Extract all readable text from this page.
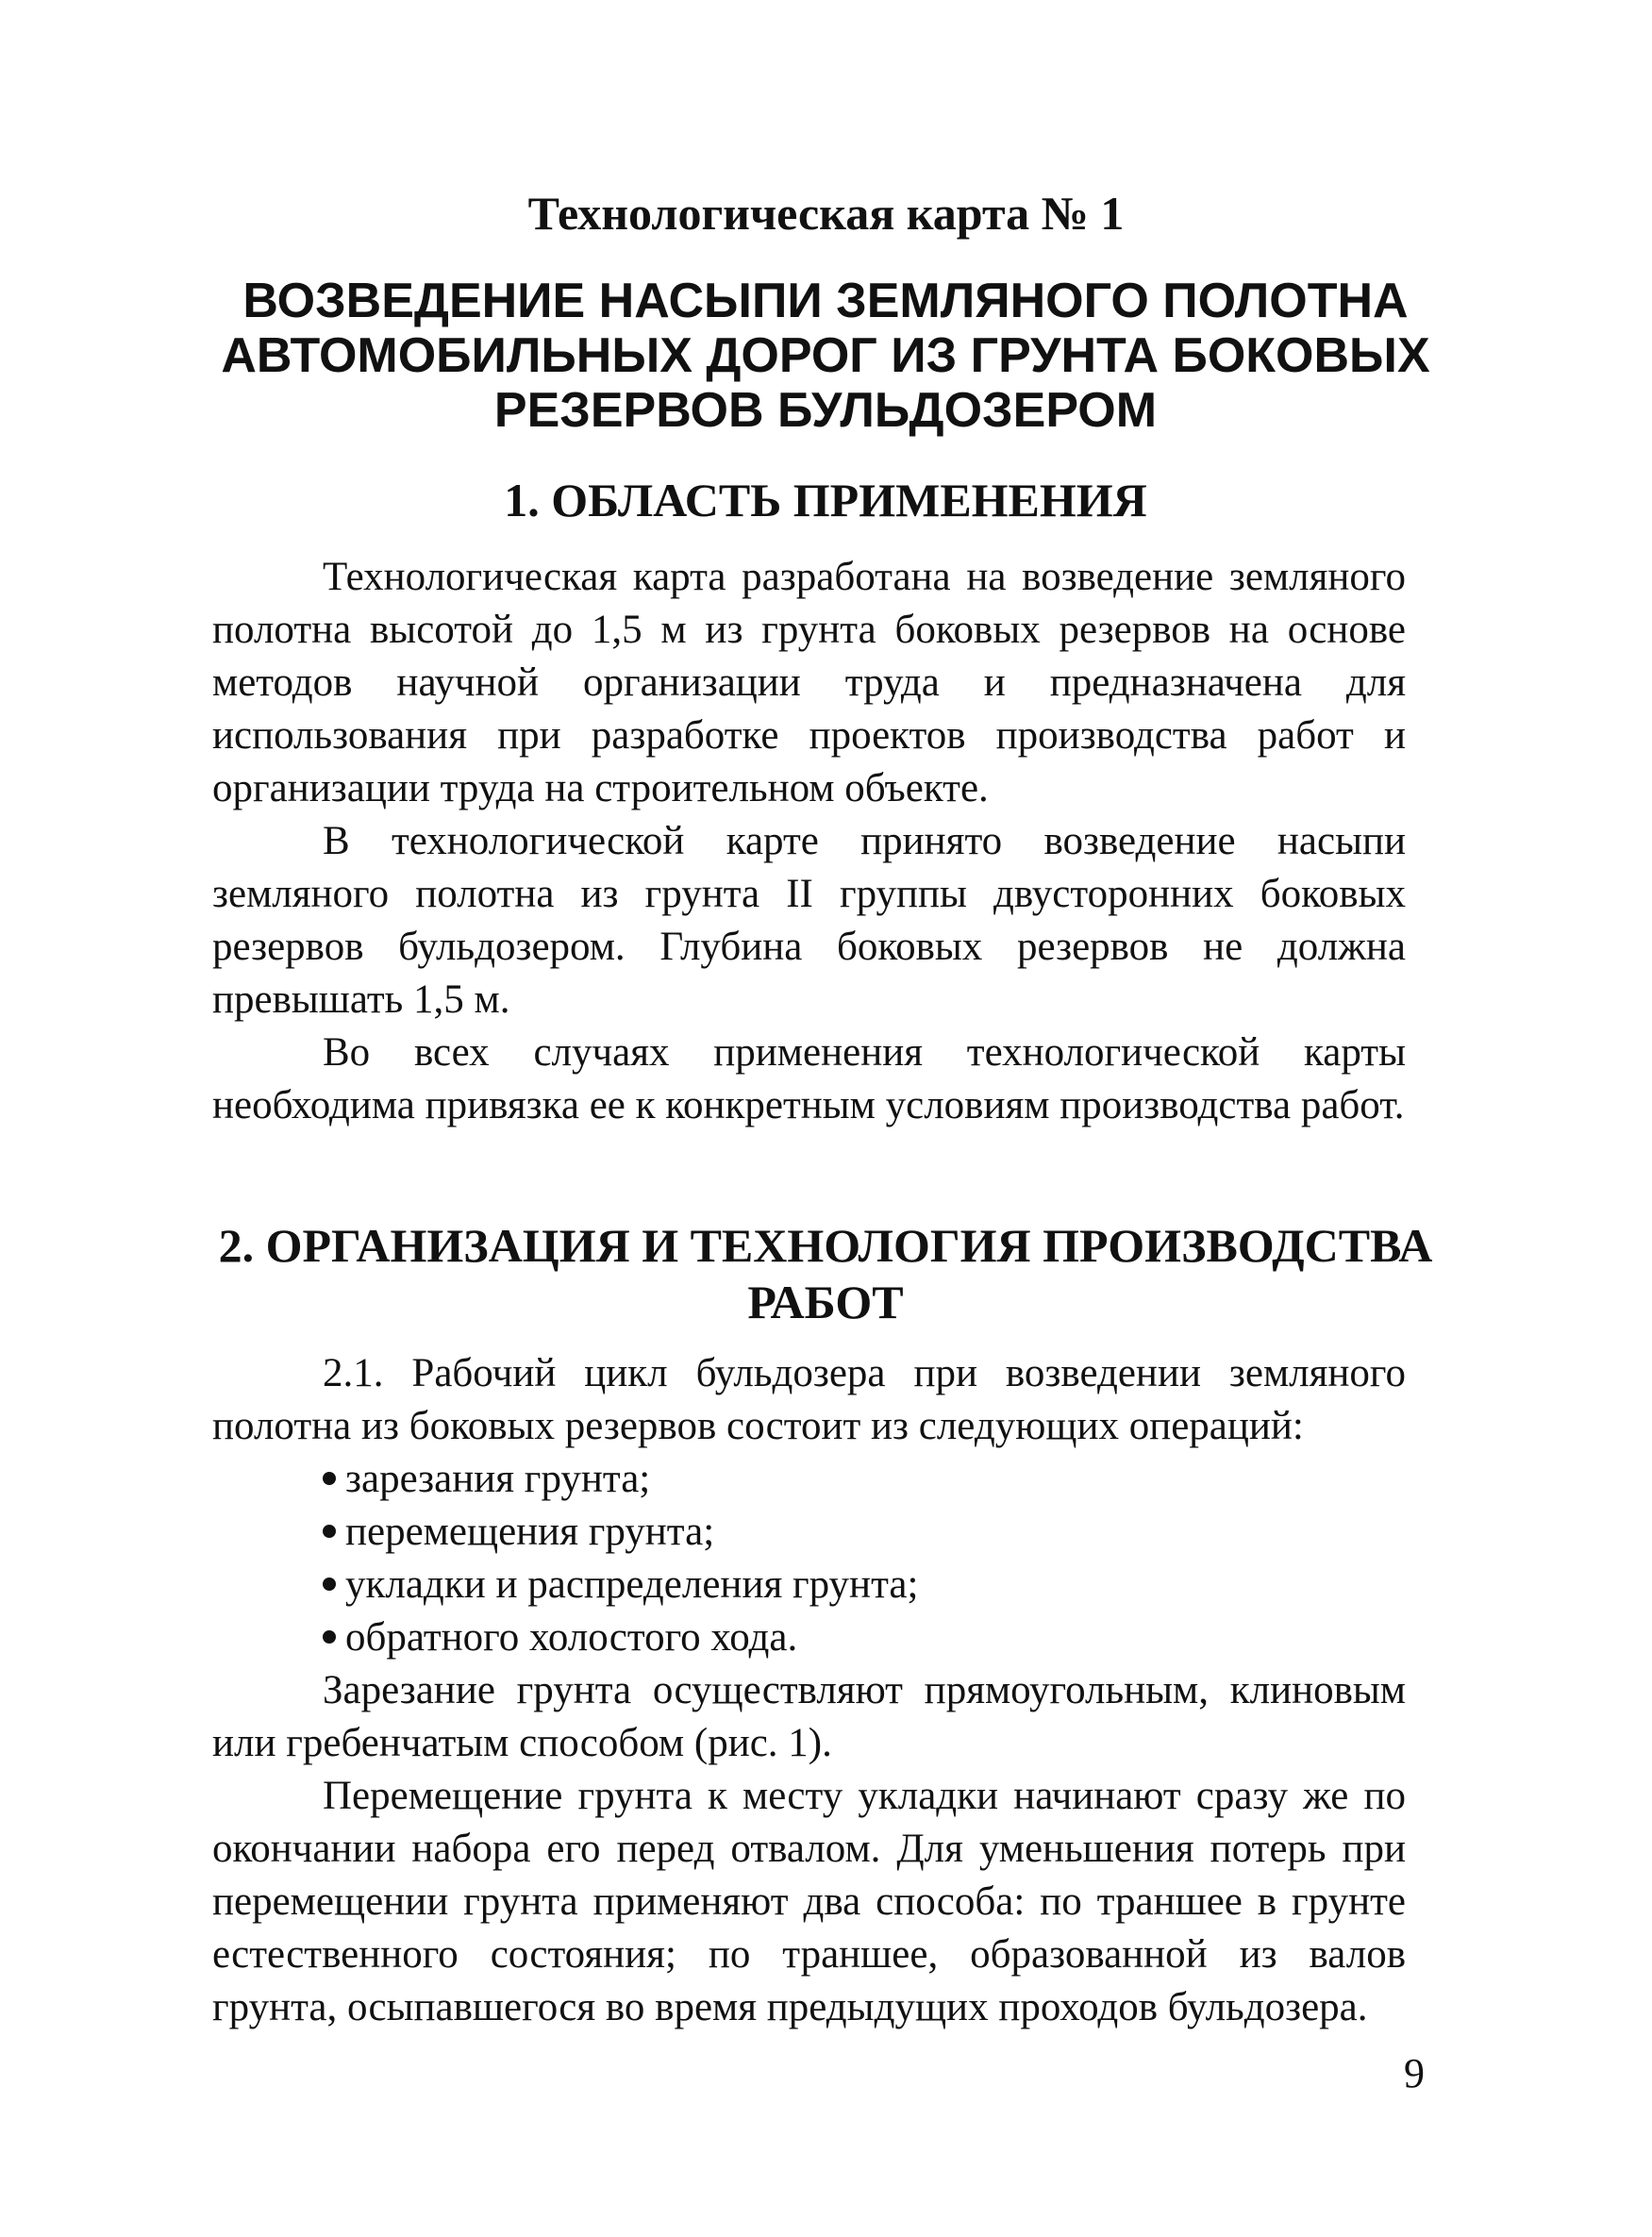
Технологическая карта № 1
ВОЗВЕДЕНИЕ НАСЫПИ ЗЕМЛЯНОГО ПОЛОТНА
АВТОМОБИЛЬНЫХ ДОРОГ ИЗ ГРУНТА БОКОВЫХ
РЕЗЕРВОВ БУЛЬДОЗЕРОМ
1. ОБЛАСТЬ ПРИМЕНЕНИЯ

Технологическая карта разработана на возведение земляного полотна высотой до 1,5 м из грунта боковых резервов на основе методов научной организации труда и предназначена для использования при разработке проектов производства работ и организации труда на строительном объекте.

В технологической карте принято возведение насыпи земляного полотна из грунта II группы двусторонних боковых резервов бульдозером. Глубина боковых резервов не должна превышать 1,5 м.

Во всех случаях применения технологической карты необходима привязка ее к конкретным условиям производства работ.

2. ОРГАНИЗАЦИЯ И ТЕХНОЛОГИЯ ПРОИЗВОДСТВА
РАБОТ

2.1. Рабочий цикл бульдозера при возведении земляного полотна из боковых резервов состоит из следующих операций:

зарезания грунта;
перемещения грунта;
укладки и распределения грунта;
обратного холостого хода.

Зарезание грунта осуществляют прямоугольным, клиновым или гребенчатым способом (рис. 1).

Перемещение грунта к месту укладки начинают сразу же по окончании набора его перед отвалом. Для уменьшения потерь при перемещении грунта применяют два способа: по траншее в грунте естественного состояния; по траншее, образованной из валов грунта, осыпавшегося во время предыдущих проходов бульдозера.

9
